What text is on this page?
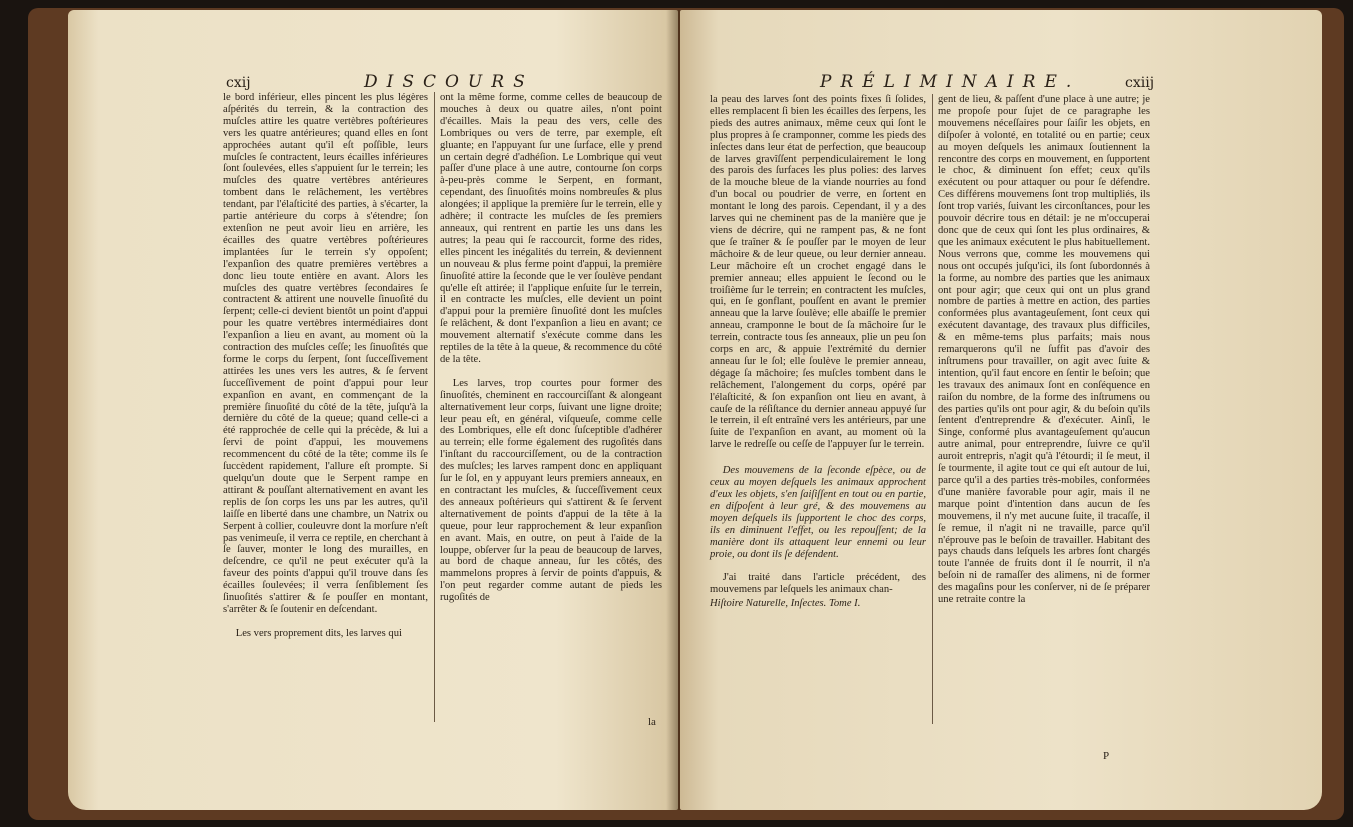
cxij	DISCOURS

le bord inférieur, elles pincent les plus légères aſpérités du terrein, & la contraction des muſcles attire les quatre vertèbres poſtérieures vers les quatre antérieures; quand elles en ſont approchées autant qu'il eſt poſſible, leurs muſcles ſe contractent, leurs écailles inférieures ſont ſoulevées, elles s'appuient ſur le terrein; les muſcles des quatre vertèbres antérieures tombent dans le relâchement, les vertèbres tendant, par l'élaſticité des parties, à s'écarter, la partie antérieure du corps à s'étendre; ſon extenſion ne peut avoir lieu en arrière, les écailles des quatre vertèbres poſtérieures implantées ſur le terrein s'y oppoſent; l'expanſion des quatre premières vertèbres a donc lieu toute entière en avant. Alors les muſcles des quatre vertèbres ſecondaires ſe contractent & attirent une nouvelle ſinuoſité du ſerpent; celle-ci devient bientôt un point d'appui pour les quatre vertèbres intermédiaires dont l'expanſion a lieu en avant, au moment où la contraction des muſcles ceſſe; les ſinuoſités que forme le corps du ſerpent, ſont ſucceſſivement attirées les unes vers les autres, & ſe ſervent ſucceſſivement de point d'appui pour leur expanſion en avant, en commençant de la première ſinuoſité du côté de la tête, juſqu'à la dernière du côté de la queue; quand celle-ci a été rapprochée de celle qui la précède, & lui a ſervi de point d'appui, les mouvemens recommencent du côté de la tête; comme ils ſe ſuccèdent rapidement, l'allure eſt prompte. Si quelqu'un doute que le Serpent rampe en attirant & pouſſant alternativement en avant les replis de ſon corps les uns par les autres, qu'il laiſſe en liberté dans une chambre, un Natrix ou Serpent à collier, couleuvre dont la morſure n'eſt pas venimeuſe, il verra ce reptile, en cherchant à ſe ſauver, monter le long des murailles, en deſcendre, ce qu'il ne peut exécuter qu'à la faveur des points d'appui qu'il trouve dans ſes écailles ſoulevées; il verra ſenſiblement ſes ſinuoſités s'attirer & ſe pouſſer en montant, s'arrêter & ſe ſoutenir en deſcendant.

Les vers proprement dits, les larves qui

ont la même forme, comme celles de beaucoup de mouches à deux ou quatre ailes, n'ont point d'écailles. Mais la peau des vers, celle des Lombriques ou vers de terre, par exemple, eſt gluante; en l'appuyant ſur une ſurface, elle y prend un certain degré d'adhéſion. Le Lombrique qui veut paſſer d'une place à une autre, contourne ſon corps à-peu-près comme le Serpent, en formant, cependant, des ſinuoſités moins nombreuſes & plus alongées; il applique la première ſur le terrein, elle y adhère; il contracte les muſcles de ſes premiers anneaux, qui rentrent en partie les uns dans les autres; la peau qui ſe raccourcit, forme des rides, elles pincent les inégalités du terrein, & deviennent un nouveau & plus ferme point d'appui, la première ſinuoſité attire la ſeconde que le ver ſoulève pendant qu'elle eſt attirée; il l'applique enſuite ſur le terrein, il en contracte les muſcles, elle devient un point d'appui pour la première ſinuoſité dont les muſcles ſe relâchent, & dont l'expanſion a lieu en avant; ce mouvement alternatif s'exécute comme dans les reptiles de la tête à la queue, & recommence du côté de la tête.

Les larves, trop courtes pour former des ſinuoſités, cheminent en raccourciſſant & alongeant alternativement leur corps, ſuivant une ligne droite; leur peau eſt, en général, viſqueuſe, comme celle des Lombriques, elle eſt donc ſuſceptible d'adhérer au terrein; elle forme également des rugoſités dans l'inſtant du raccourciſſement, ou de la contraction des muſcles; les larves rampent donc en appliquant ſur le ſol, en y appuyant leurs premiers anneaux, en en contractant les muſcles, & ſucceſſivement ceux des anneaux poſtérieurs qui s'attirent & ſe ſervent alternativement de points d'appui de la tête à la queue, pour leur rapprochement & leur expanſion en avant. Mais, en outre, on peut à l'aide de la louppe, obſerver ſur la peau de beaucoup de larves, au bord de chaque anneau, ſur les côtés, des mammelons propres à ſervir de points d'appuis, & l'on peut regarder comme autant de pieds les rugoſités de

la
PRÉLIMINAIRE.	cxiij

la peau des larves ſont des points fixes ſi ſolides, elles remplacent ſi bien les écailles des ſerpens, les pieds des autres animaux, même ceux qui ſont le plus propres à ſe cramponner, comme les pieds des inſectes dans leur état de perfection, que beaucoup de larves gravîſſent perpendiculairement le long des parois des ſurfaces les plus polies: des larves de la mouche bleue de la viande nourries au fond d'un bocal ou poudrier de verre, en ſortent en montant le long des parois. Cependant, il y a des larves qui ne cheminent pas de la manière que je viens de décrire, qui ne rampent pas, & ne font que ſe traîner & ſe pouſſer par le moyen de leur mâchoire & de leur queue, ou leur dernier anneau. Leur mâchoire eſt un crochet engagé dans le premier anneau; elles appuient le ſecond ou le troiſième ſur le terrein; en contractent les muſcles, qui, en ſe gonflant, pouſſent en avant le premier anneau que la larve ſoulève; elle abaiſſe le premier anneau, cramponne le bout de ſa mâchoire ſur le terrein, contracte tous ſes anneaux, plie un peu ſon corps en arc, & appuie l'extrémité du dernier anneau ſur le ſol; elle ſoulève le premier anneau, dégage ſa mâchoire; ſes muſcles tombent dans le relâchement, l'alongement du corps, opéré par l'élaſticité, & ſon expanſion ont lieu en avant, à cauſe de la réſiſtance du dernier anneau appuyé ſur le terrein, il eſt entraîné vers les antérieurs, par une ſuite de l'expanſion en avant, au moment où la larve le redreſſe ou ceſſe de l'appuyer ſur le terrein.

Des mouvemens de la ſeconde eſpèce, ou de ceux au moyen deſquels les animaux approchent d'eux les objets, s'en ſaiſiſſent en tout ou en partie, en diſpoſent à leur gré, & des mouvemens au moyen deſquels ils ſupportent le choc des corps, ils en diminuent l'effet, ou les repouſſent; de la manière dont ils attaquent leur ennemi ou leur proie, ou dont ils ſe défendent.

J'ai traité dans l'article précédent, des mouvemens par leſquels les animaux chan-

Hiſtoire Naturelle, Inſectes. Tome I.

gent de lieu, & paſſent d'une place à une autre; je me propoſe pour ſujet de ce paragraphe les mouvemens néceſſaires pour ſaiſir les objets, en diſpoſer à volonté, en totalité ou en partie; ceux au moyen deſquels les animaux ſoutiennent la rencontre des corps en mouvement, en ſupportent le choc, & diminuent ſon effet; ceux qu'ils exécutent ou pour attaquer ou pour ſe défendre. Ces différens mouvemens ſont trop multipliés, ils ſont trop variés, ſuivant les circonſtances, pour les pouvoir décrire tous en détail: je ne m'occuperai donc que de ceux qui ſont les plus ordinaires, & que les animaux exécutent le plus habituellement. Nous verrons que, comme les mouvemens qui nous ont occupés juſqu'ici, ils ſont ſubordonnés à la forme, au nombre des parties que les animaux ont pour agir; que ceux qui ont un plus grand nombre de parties à mettre en action, des parties conformées plus avantageuſement, ſont ceux qui exécutent davantage, des travaux plus difficiles, & en même-tems plus parfaits; mais nous remarquerons qu'il ne ſuffit pas d'avoir des inſtrumens pour travailler, on agit avec ſuite & intention, qu'il faut encore en ſentir le beſoin; que les travaux des animaux ſont en conſéquence en raiſon du nombre, de la forme des inſtrumens ou des parties qu'ils ont pour agir, & du beſoin qu'ils ſentent d'entreprendre & d'exécuter. Ainſi, le Singe, conformé plus avantageuſement qu'aucun autre animal, pour entreprendre, ſuivre ce qu'il auroit entrepris, n'agit qu'à l'étourdi; il ſe meut, il ſe tourmente, il agite tout ce qui eſt autour de lui, parce qu'il a des parties très-mobiles, conformées d'une manière favorable pour agir, mais il ne marque point d'intention dans aucun de ſes mouvemens, il n'y met aucune ſuite, il tracaſſe, il ſe remue, il n'agit ni ne travaille, parce qu'il n'éprouve pas le beſoin de travailler. Habitant des pays chauds dans leſquels les arbres ſont chargés toute l'année de fruits dont il ſe nourrit, il n'a beſoin ni de ramaſſer des alimens, ni de former des magaſins pour les conſerver, ni de ſe préparer une retraite contre la

P
